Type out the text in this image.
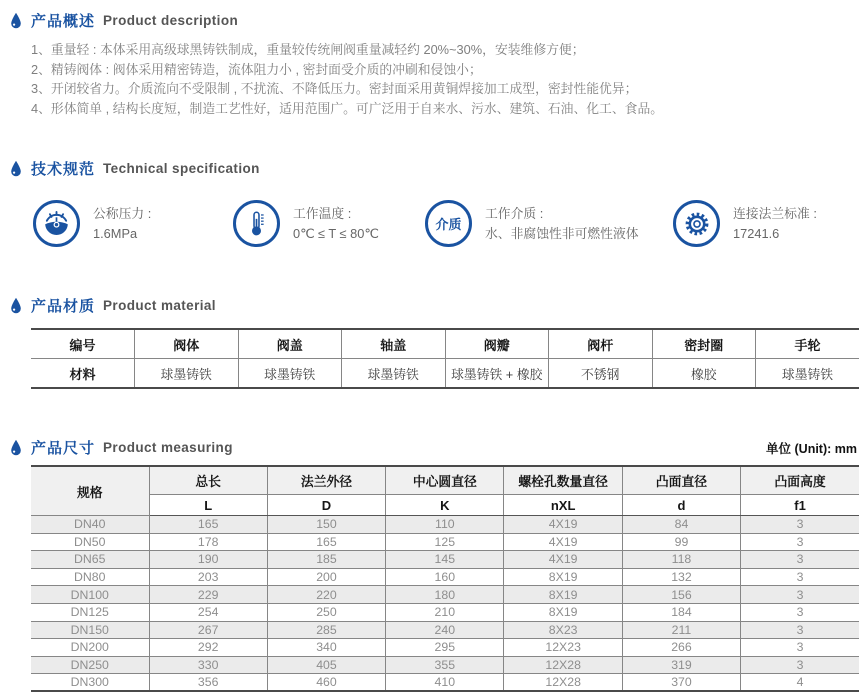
产品概述 Product description
1、重量轻 : 本体采用高级球黑铸铁制成，重量较传统闸阀重量减轻约 20%~30%，安装维修方便；
2、精铸阀体 : 阀体采用精密铸造，流体阻力小 , 密封面受介质的冲刷和侵蚀小；
3、开闭较省力。介质流向不受限制 , 不扰流、不降低压力。密封面采用黄铜焊接加工成型，密封性能优异；
4、形体简单 , 结构长度短，制造工艺性好，适用范围广。可广泛用于自来水、污水、建筑、石油、化工、食品。
技术规范 Technical specification
公称压力 :
1.6MPa
工作温度 :
0℃ ≤ T ≤ 80℃
介质
工作介质 :
水、非腐蚀性非可燃性液体
连接法兰标准 :
17241.6
产品材质 Product material
编号	阀体	阀盖	轴盖	阀瓣	阀杆	密封圈	手轮
材料	球墨铸铁	球墨铸铁	球墨铸铁	球墨铸铁 + 橡胶	不锈钢	橡胶	球墨铸铁
产品尺寸 Product measuring	单位 (Unit): mm
规格	总长	法兰外径	中心圆直径	螺栓孔数量直径	凸面直径	凸面高度
	L	D	K	nXL	d	f1
DN40	165	150	110	4X19	84	3
DN50	178	165	125	4X19	99	3
DN65	190	185	145	4X19	118	3
DN80	203	200	160	8X19	132	3
DN100	229	220	180	8X19	156	3
DN125	254	250	210	8X19	184	3
DN150	267	285	240	8X23	211	3
DN200	292	340	295	12X23	266	3
DN250	330	405	355	12X28	319	3
DN300	356	460	410	12X28	370	4
